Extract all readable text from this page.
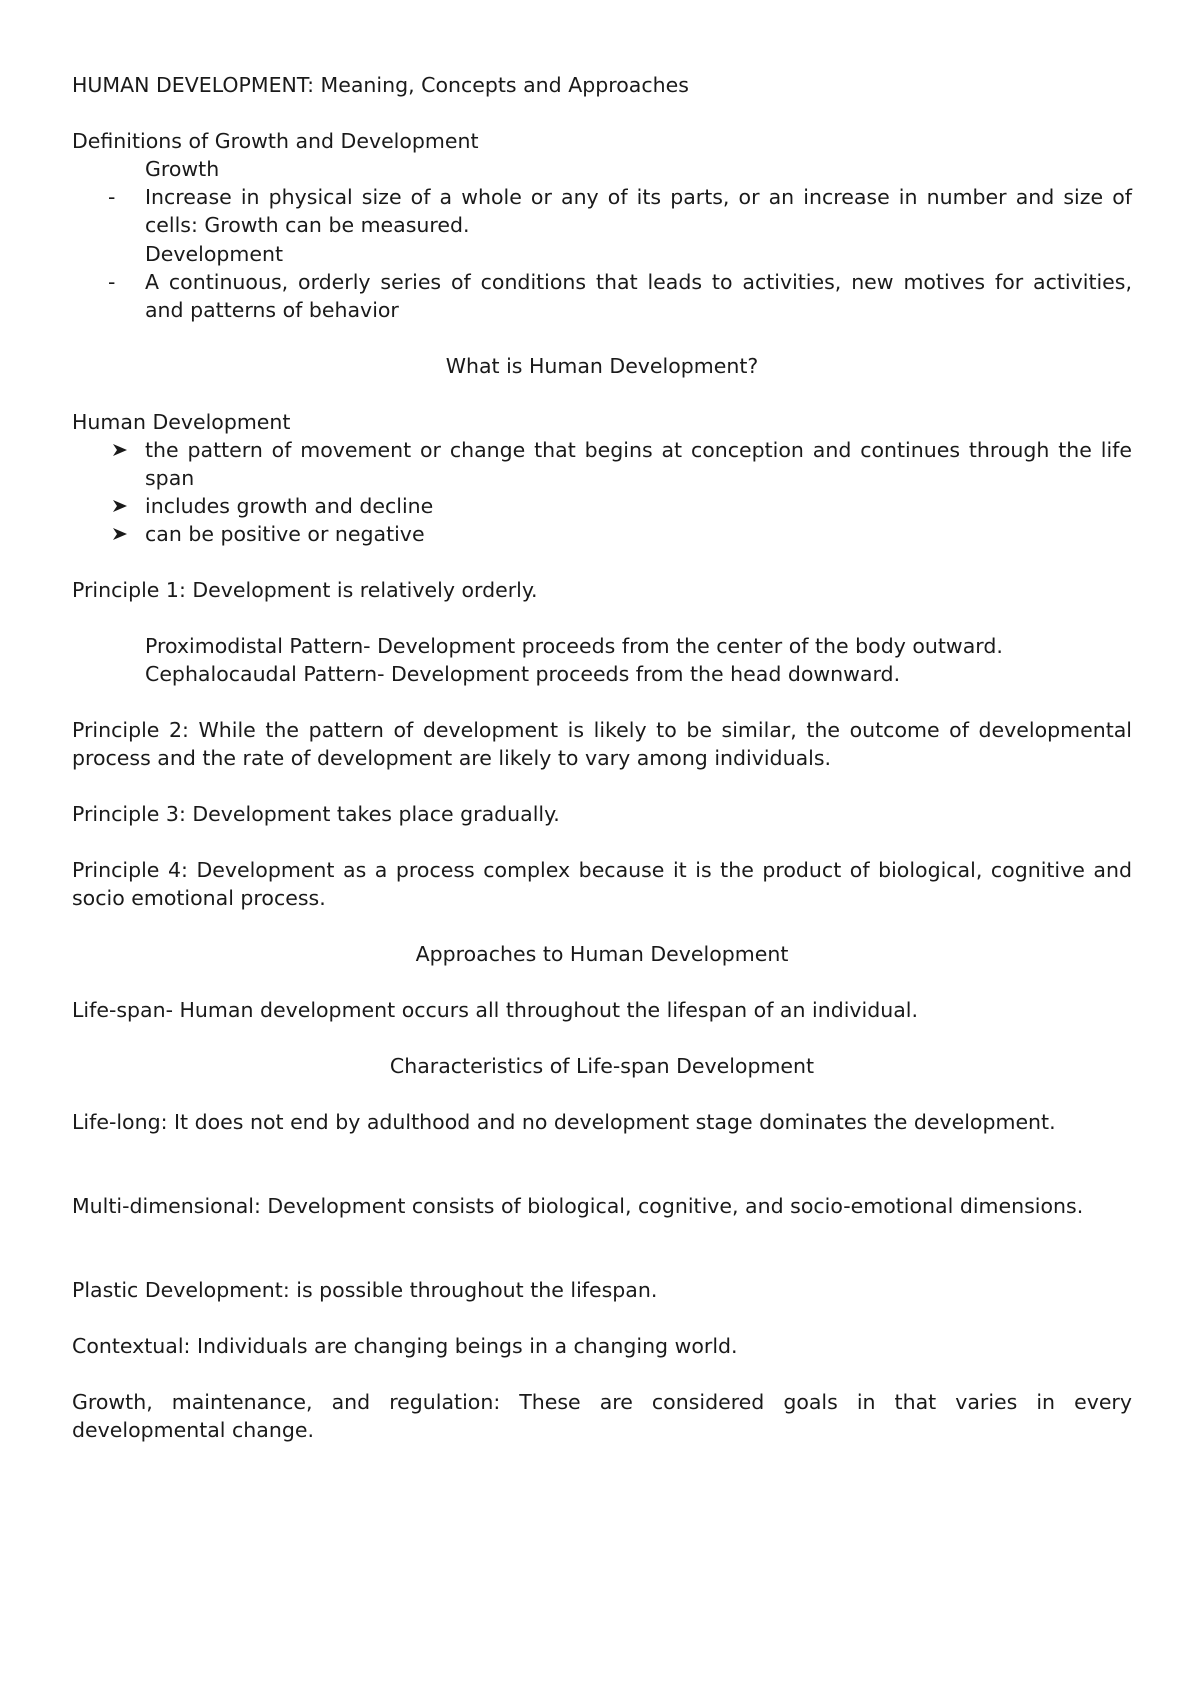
HUMAN DEVELOPMENT: Meaning, Concepts and Approaches
Definitions of Growth and Development
Growth
- Increase in physical size of a whole or any of its parts, or an increase in number and size of cells: Growth can be measured.
Development
- A continuous, orderly series of conditions that leads to activities, new motives for activities, and patterns of behavior
What is Human Development?
Human Development
the pattern of movement or change that begins at conception and continues through the life span
includes growth and decline
can be positive or negative
Principle 1: Development is relatively orderly.
Proximodistal Pattern- Development proceeds from the center of the body outward.
Cephalocaudal Pattern- Development proceeds from the head downward.
Principle 2: While the pattern of development is likely to be similar, the outcome of developmental process and the rate of development are likely to vary among individuals.
Principle 3: Development takes place gradually.
Principle 4: Development as a process complex because it is the product of biological, cognitive and socio emotional process.
Approaches to Human Development
Life-span- Human development occurs all throughout the lifespan of an individual.
Characteristics of Life-span Development
Life-long: It does not end by adulthood and no development stage dominates the development.
Multi-dimensional: Development consists of biological, cognitive, and socio-emotional dimensions.
Plastic Development: is possible throughout the lifespan.
Contextual: Individuals are changing beings in a changing world.
Growth, maintenance, and regulation: These are considered goals in that varies in every developmental change.
